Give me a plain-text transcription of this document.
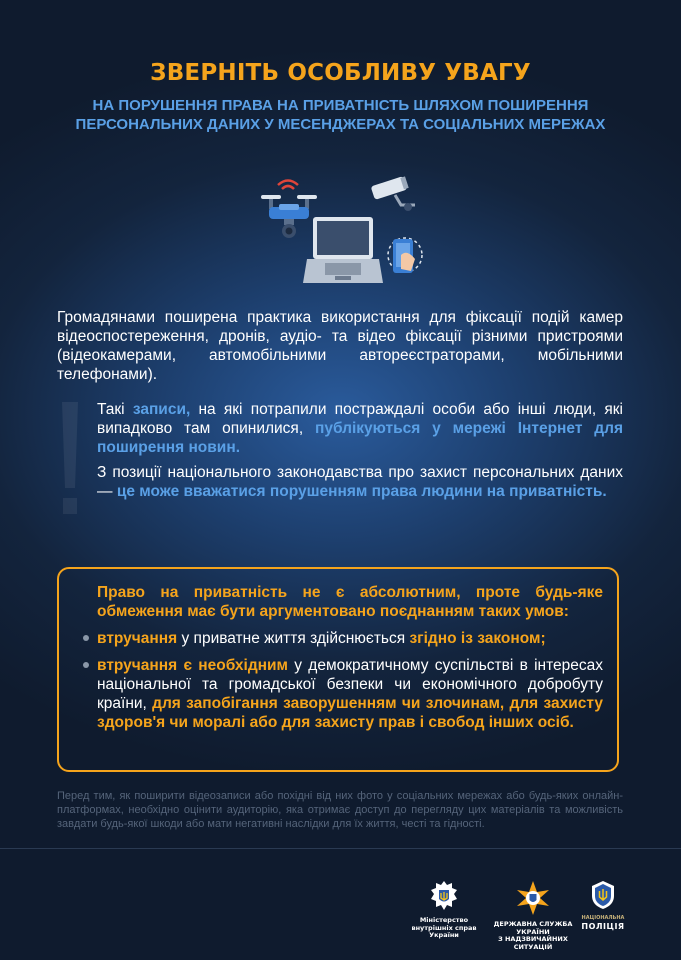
ЗВЕРНІТЬ ОСОБЛИВУ УВАГУ
НА ПОРУШЕННЯ ПРАВА НА ПРИВАТНІСТЬ ШЛЯХОМ ПОШИРЕННЯ
ПЕРСОНАЛЬНИХ ДАНИХ У МЕСЕНДЖЕРАХ ТА СОЦІАЛЬНИХ МЕРЕЖАХ
Громадянами поширена практика використання для фіксації подій камер відеоспостереження, дронів, аудіо- та відео фіксації різними пристроями (відеокамерами, автомобільними автореєстраторами, мобільними телефонами).
Такі записи, на які потрапили постраждалі особи або інші люди, які випадково там опинилися, публікуються у мережі Інтернет для поширення новин.
З позиції національного законодавства про захист персональних даних — це може вважатися порушенням права людини на приватність.
Право на приватність не є абсолютним, проте будь-яке обмеження має бути аргументовано поєднанням таких умов:
втручання у приватне життя здійснюється згідно із законом;
втручання є необхідним у демократичному суспільстві в інтересах національної та громадської безпеки чи економічного добробуту країни, для запобігання заворушенням чи злочинам, для захисту здоров'я чи моралі або для захисту прав і свобод інших осіб.
Перед тим, як поширити відеозаписи або похідні від них фото у соціальних мережах або будь-яких онлайн-платформах, необхідно оцінити аудиторію, яка отримає доступ до перегляду цих матеріалів та можливість завдати будь-якої шкоди або мати негативні наслідки для їх життя, честі та гідності.
Міністерство
внутрішніх справ
України
ДЕРЖАВНА СЛУЖБА УКРАЇНИ
З НАДЗВИЧАЙНИХ СИТУАЦІЙ
НАЦІОНАЛЬНА
ПОЛІЦІЯ
